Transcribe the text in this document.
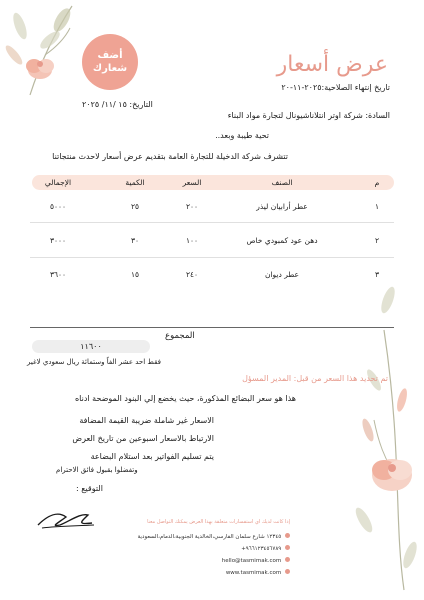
عرض أسعار
تاريخ إنتهاء الصلاحية:٢٠٢٥-١١-٢٠
أضف
شعارك
التاريخ: ١٥ /١١/ ٢٠٢٥
السادة: شركة اوتر انتلاناشيونال لتجارة مواد البناء
تحية طيبة وبعد..
تتشرف شركة الدخيلة للتجارة العامة بتقديم عرض أسعار لاحدث منتجاتنا
م
الصنف
السعر
الكمية
الإجمالي
١
عطر أرابيان ليذر
٢٠٠
٢٥
٥٠٠٠
٢
دهن عود كمبودي خاص
١٠٠
٣٠
٣٠٠٠
٣
عطر ديوان
٢٤٠
١٥
٣٦٠٠
المجموع
١١٦٠٠
فقط احد عشر الفاً وستمائة ريال سعودي لاغير
تم تحديد هذا السعر من قبل: المدير المسؤل
هذا هو سعر البضائع المذكورة، حيث يخضع إلي البنود الموضحة ادناه
الاسعار غير شاملة ضريبة القيمة المضافة
الارتباط بالاسعار اسبوعين من تاريخ العرض
يتم تسليم الفواتير بعد استلام البضاعة
وتفضلوا بقبول فائق الاحترام
التوقيع :
إذا كانت لديك اي استفسارات متعلقة بهذا العرض يمكنك التواصل معنا
١٢٣٤٥ شارع سلمان الفارسي،الخالدية الجنوبية،الدمام،السعودية
+٩٦٦١٢٣٤٥٦٧٨٩
hello@tasmimak.com
www.tasmimak.com
